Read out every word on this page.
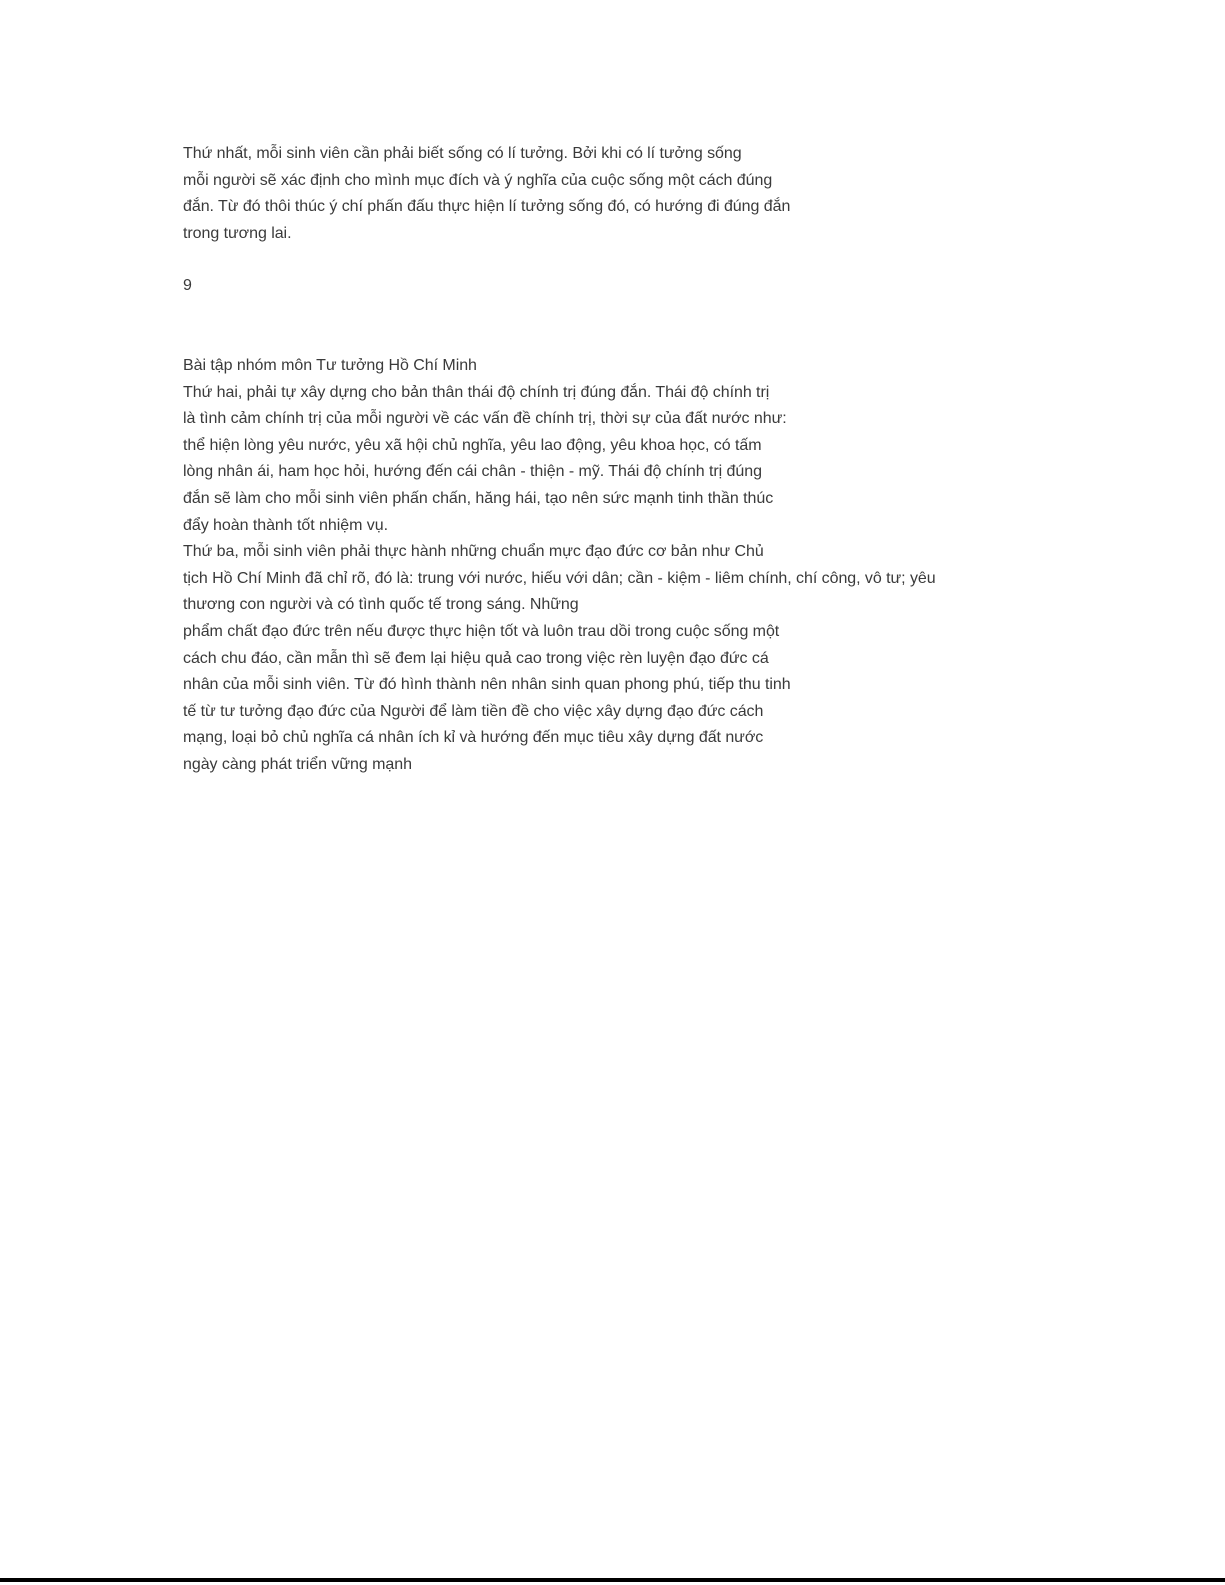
Thứ nhất, mỗi sinh viên cần phải biết sống có lí tưởng. Bởi khi có lí tưởng sống
mỗi người sẽ xác định cho mình mục đích và ý nghĩa của cuộc sống một cách đúng
đắn. Từ đó thôi thúc ý chí phấn đấu thực hiện lí tưởng sống đó, có hướng đi đúng đắn
trong tương lai.
9
Bài tập nhóm môn Tư tưởng Hồ Chí Minh
Thứ hai, phải tự xây dựng cho bản thân thái độ chính trị đúng đắn. Thái độ chính trị
là tình cảm chính trị của mỗi người về các vấn đề chính trị, thời sự của đất nước như:
thể hiện lòng yêu nước, yêu xã hội chủ nghĩa, yêu lao động, yêu khoa học, có tấm
lòng nhân ái, ham học hỏi, hướng đến cái chân - thiện - mỹ. Thái độ chính trị đúng
đắn sẽ làm cho mỗi sinh viên phấn chấn, hăng hái, tạo nên sức mạnh tinh thần thúc
đẩy hoàn thành tốt nhiệm vụ.
Thứ ba, mỗi sinh viên phải thực hành những chuẩn mực đạo đức cơ bản như Chủ
tịch Hồ Chí Minh đã chỉ rõ, đó là: trung với nước, hiếu với dân; cần - kiệm - liêm chính, chí công, vô tư; yêu
thương con người và có tình quốc tế trong sáng. Những
phẩm chất đạo đức trên nếu được thực hiện tốt và luôn trau dồi trong cuộc sống một
cách chu đáo, cần mẫn thì sẽ đem lại hiệu quả cao trong việc rèn luyện đạo đức cá
nhân của mỗi sinh viên. Từ đó hình thành nên nhân sinh quan phong phú, tiếp thu tinh
tế từ tư tưởng đạo đức của Người để làm tiền đề cho việc xây dựng đạo đức cách
mạng, loại bỏ chủ nghĩa cá nhân ích kỉ và hướng đến mục tiêu xây dựng đất nước
ngày càng phát triển vững mạnh
